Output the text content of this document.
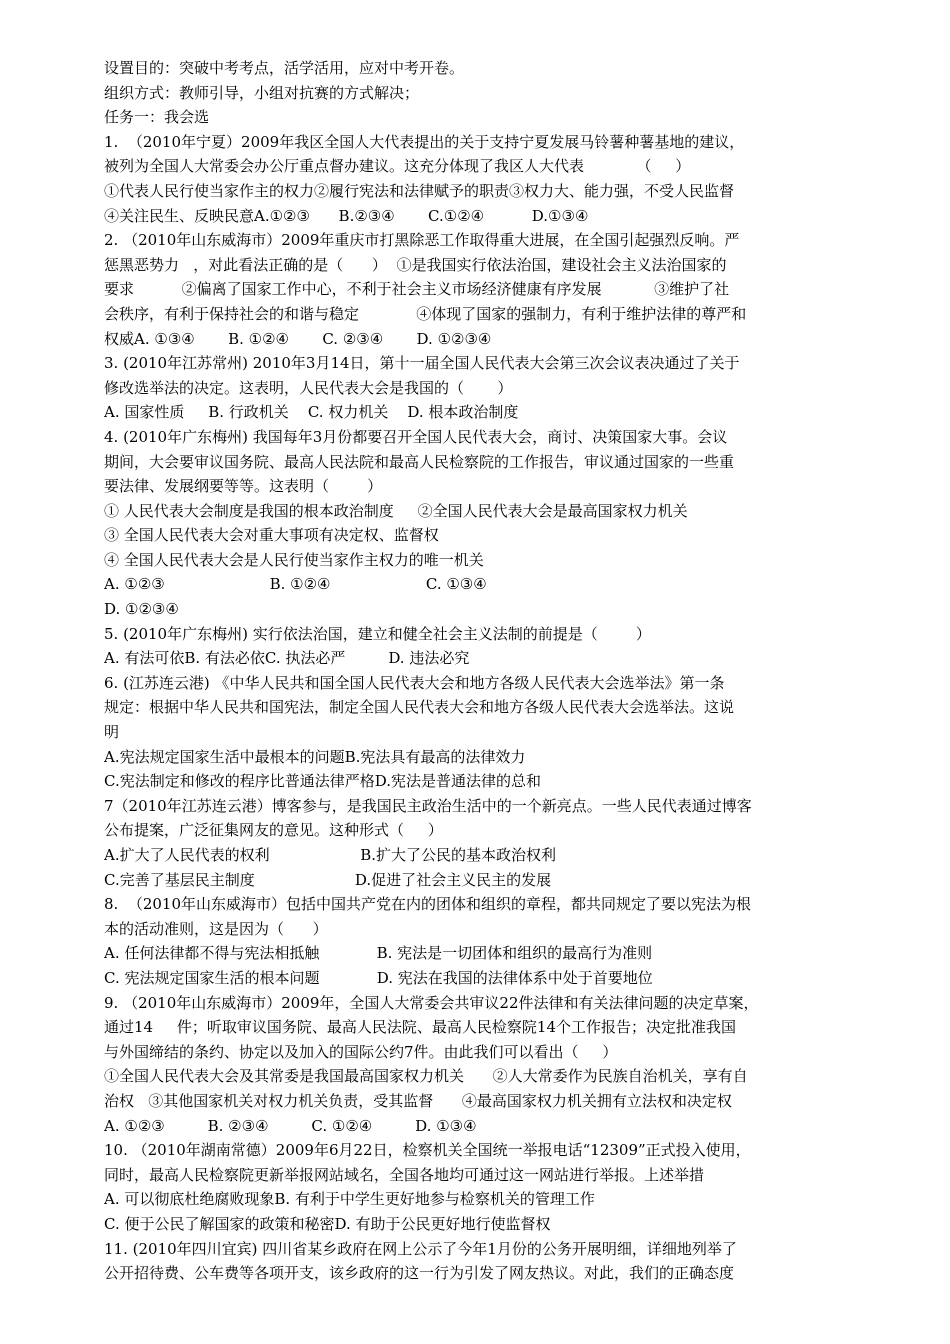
设置目的：突破中考考点，活学活用，应对中考开卷。
组织方式：教师引导，小组对抗赛的方式解决；
任务一：我会选
1.  （2010年宁夏）2009年我区全国人大代表提出的关于支持宁夏发展马铃薯种薯基地的建议，
被列为全国人大常委会办公厅重点督办建议。这充分体现了我区人大代表           （     ）
①代表人民行使当家作主的权力②履行宪法和法律赋予的职责③权力大、能力强，不受人民监督
④关注民生、反映民意A.①②③      B.②③④       C.①②④          D.①③④
2. （2010年山东威海市）2009年重庆市打黑除恶工作取得重大进展，在全国引起强烈反响。严
惩黑恶势力   ，对此看法正确的是（      ）  ①是我国实行依法治国，建设社会主义法治国家的
要求          ②偏离了国家工作中心，不利于社会主义市场经济健康有序发展           ③维护了社
会秩序，有利于保持社会的和谐与稳定            ④体现了国家的强制力，有利于维护法律的尊严和
权威A. ①③④       B. ①②④       C. ②③④       D. ①②③④
3. (2010年江苏常州) 2010年3月14日，第十一届全国人民代表大会第三次会议表决通过了关于
修改选举法的决定。这表明，人民代表大会是我国的（       ）
A. 国家性质     B. 行政机关    C. 权力机关    D. 根本政治制度
4. (2010年广东梅州) 我国每年3月份都要召开全国人民代表大会，商讨、决策国家大事。会议
期间，大会要审议国务院、最高人民法院和最高人民检察院的工作报告，审议通过国家的一些重
要法律、发展纲要等等。这表明（        ）
① 人民代表大会制度是我国的根本政治制度     ②全国人民代表大会是最高国家权力机关
③ 全国人民代表大会对重大事项有决定权、监督权
④ 全国人民代表大会是人民行使当家作主权力的唯一机关
A. ①②③                      B. ①②④                    C. ①③④
D. ①②③④
5. (2010年广东梅州) 实行依法治国，建立和健全社会主义法制的前提是（        ）
A. 有法可依B. 有法必依C. 执法必严         D. 违法必究
6. (江苏连云港) 《中华人民共和国全国人民代表大会和地方各级人民代表大会选举法》第一条
规定：根据中华人民共和国宪法，制定全国人民代表大会和地方各级人民代表大会选举法。这说
明
A.宪法规定国家生活中最根本的问题B.宪法具有最高的法律效力
C.宪法制定和修改的程序比普通法律严格D.宪法是普通法律的总和
7（2010年江苏连云港）博客参与，是我国民主政治生活中的一个新亮点。一些人民代表通过博客
公布提案，广泛征集网友的意见。这种形式（     ）
A.扩大了人民代表的权利                   B.扩大了公民的基本政治权利
C.完善了基层民主制度                     D.促进了社会主义民主的发展
8.  （2010年山东威海市）包括中国共产党在内的团体和组织的章程，都共同规定了要以宪法为根
本的活动准则，这是因为（      ）
A. 任何法律都不得与宪法相抵触            B. 宪法是一切团体和组织的最高行为准则
C. 宪法规定国家生活的根本问题            D. 宪法在我国的法律体系中处于首要地位
9. （2010年山东威海市）2009年，全国人大常委会共审议22件法律和有关法律问题的决定草案，
通过14     件；听取审议国务院、最高人民法院、最高人民检察院14个工作报告；决定批准我国
与外国缔结的条约、协定以及加入的国际公约7件。由此我们可以看出（     ）
①全国人民代表大会及其常委是我国最高国家权力机关      ②人大常委作为民族自治机关，享有自
治权   ③其他国家机关对权力机关负责，受其监督      ④最高国家权力机关拥有立法权和决定权
A. ①②③         B. ②③④         C. ①②④         D. ①③④
10. （2010年湖南常德）2009年6月22日，检察机关全国统一举报电话“12309”正式投入使用，
同时，最高人民检察院更新举报网站域名，全国各地均可通过这一网站进行举报。上述举措
A. 可以彻底杜绝腐败现象B. 有利于中学生更好地参与检察机关的管理工作
C. 便于公民了解国家的政策和秘密D. 有助于公民更好地行使监督权
11. (2010年四川宜宾) 四川省某乡政府在网上公示了今年1月份的公务开展明细，详细地列举了
公开招待费、公车费等各项开支，该乡政府的这一行为引发了网友热议。对此，我们的正确态度
